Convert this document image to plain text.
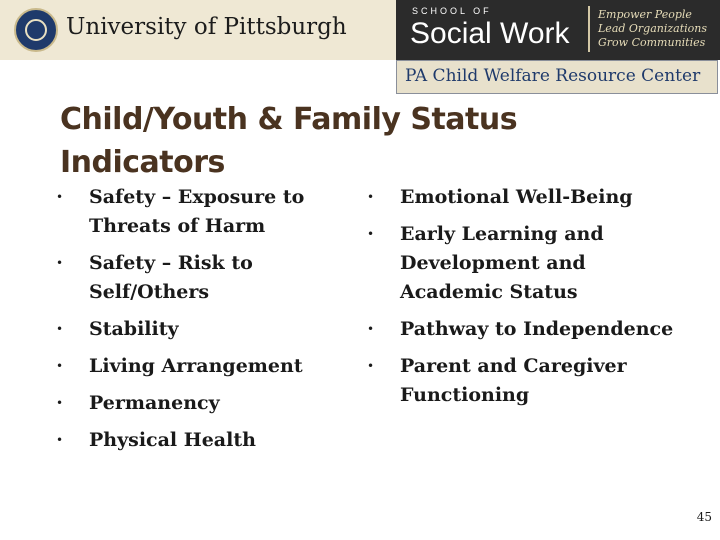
University of Pittsburgh
SCHOOL OF
Social Work
Empower People
Lead Organizations
Grow Communities
PA Child Welfare Resource Center
Child/Youth & Family Status Indicators
• Safety – Exposure to Threats of Harm
• Safety – Risk to Self/Others
• Stability
• Living Arrangement
• Permanency
• Physical Health
• Emotional Well-Being
• Early Learning and Development and Academic Status
• Pathway to Independence
• Parent and Caregiver Functioning
45
